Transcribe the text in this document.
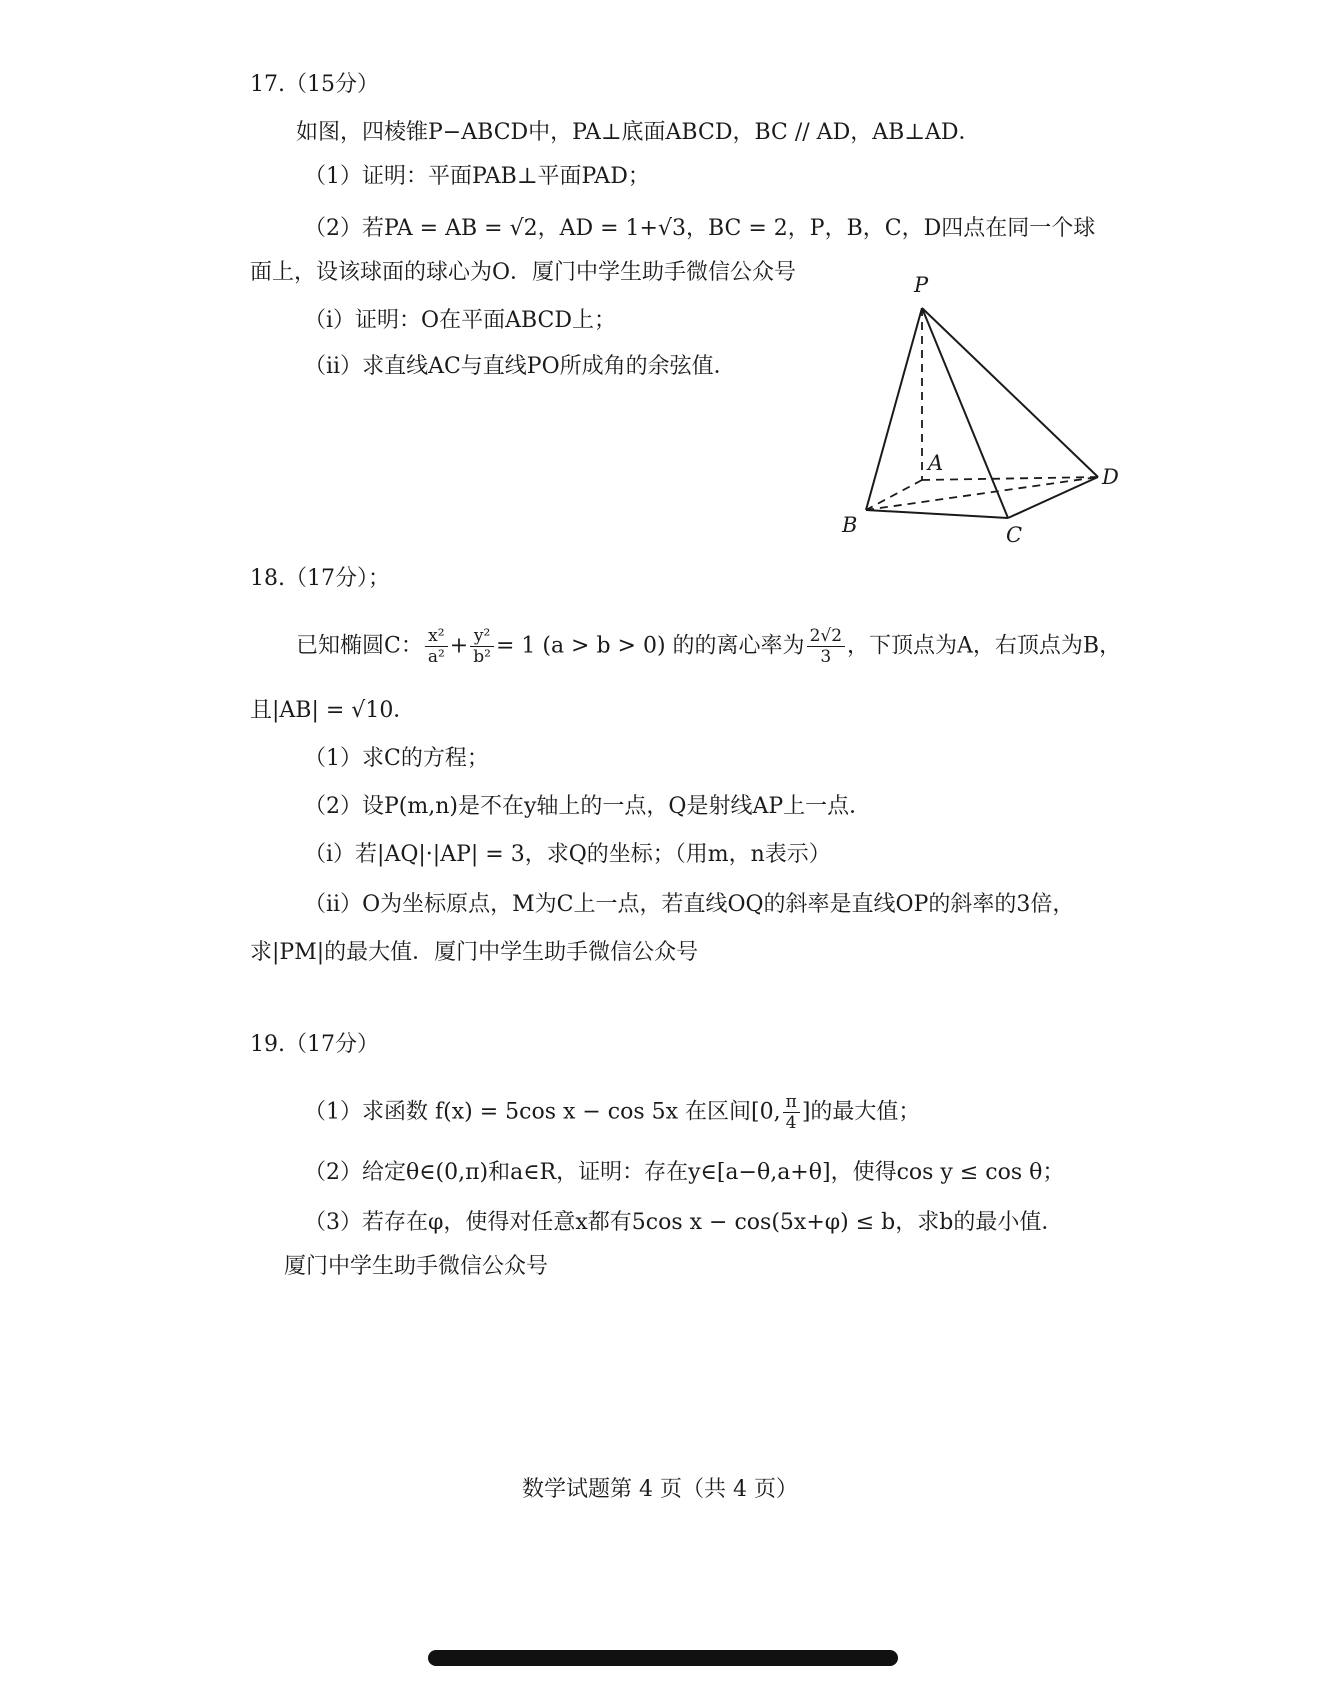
17.（15分）
如图，四棱锥P−ABCD中，PA⊥底面ABCD，BC // AD，AB⊥AD．
（1）证明：平面PAB⊥平面PAD；
（2）若PA = AB = √2，AD = 1+√3，BC = 2，P，B，C，D四点在同一个球
面上，设该球面的球心为O．厦门中学生助手微信公众号
（ⅰ）证明：O在平面ABCD上；
（ⅱ）求直线AC与直线PO所成角的余弦值．
P
A
B	C
D
18.（17分）；
已知椭圆C： $\frac{\text{x²}}{\text{a²}} + \frac{\text{y²}}{\text{b²}} = 1$ (a > b > 0) 的的离心率为 $\frac{2√2}{3}$ ，下顶点为A，右顶点为B，
且|AB| = √10．
（1）求C的方程；
（2）设P(m,n)是不在y轴上的一点，Q是射线AP上一点．
（ⅰ）若|AQ|·|AP| = 3，求Q的坐标；（用m，n表示）
（ⅱ）O为坐标原点，M为C上一点，若直线OQ的斜率是直线OP的斜率的3倍，
求|PM|的最大值．厦门中学生助手微信公众号
19.（17分）
（1）求函数 f(x) = 5cos x − cos 5x 在区间[0, $\frac{\pi}{4}$ ]的最大值；
（2）给定θ∈(0,π)和a∈R，证明：存在y∈[a−θ,a+θ]，使得cos y ≤ cos θ；
（3）若存在φ，使得对任意x都有5cos x − cos(5x+φ) ≤ b，求b的最小值．
厦门中学生助手微信公众号
数学试题第 4 页（共 4 页）
